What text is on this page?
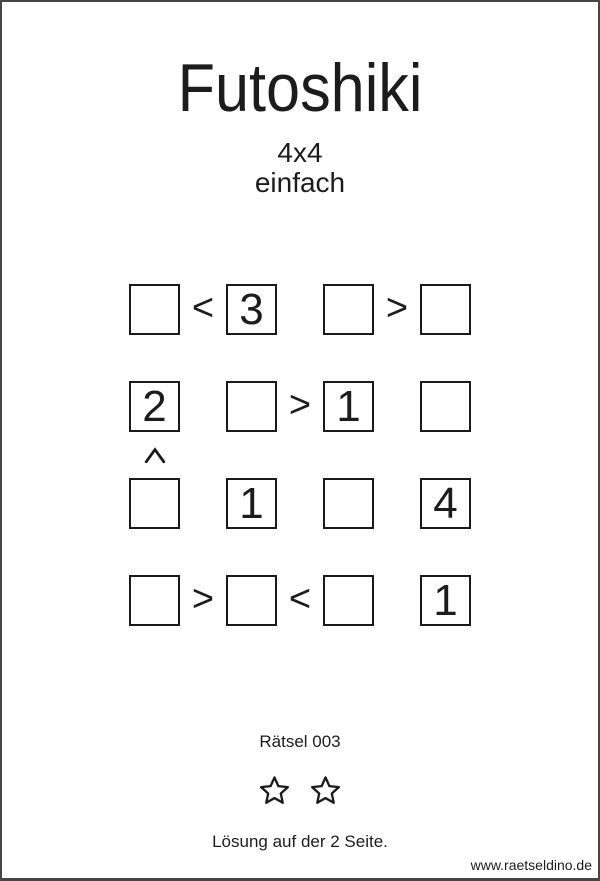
Futoshiki
4x4
einfach
< 3	>
2	> 1
1	4
>	<	1
Rätsel 003
Lösung auf der 2 Seite.
www.raetseldino.de
